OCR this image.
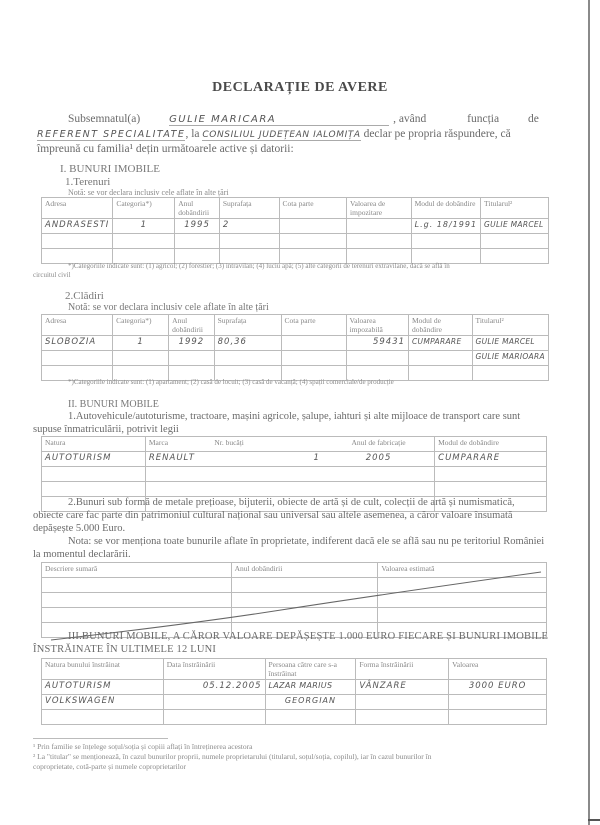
DECLARAȚIE DE AVERE
Subsemnatul(a)	GULIE MARICARA	, având	funcția	de
REFERENT SPECIALITATE, la CONSILIUL JUDEȚEAN IALOMIȚA declar pe propria răspundere, că
împreună cu familia¹ dețin următoarele active și datorii:
I. BUNURI IMOBILE
1.Terenuri
Notă: se vor declara inclusiv cele aflate în alte țări
Adresa	Categoria*)	Anul dobândirii	Suprafața	Cota parte	Valoarea de impozitare	Modul de dobândire	Titularul²
ANDRASESTI	1	1995	2			L.g. 18/1991	GULIE MARCEL

*)Categoriile indicate sunt: (1) agricol; (2) forestier; (3) intravilan; (4) luciu apă; (5) alte categorii de terenuri extravilane, dacă se află în
circuitul civil
2.Clădiri
Notă: se vor declara inclusiv cele aflate în alte țări
Adresa	Categoria*)	Anul dobândirii	Suprafața	Cota parte	Valoarea impozabilă	Modul de dobândire	Titularul²
SLOBOZIA	1	1992	80,36		59431	CUMPARARE	GULIE MARCEL
							GULIE MARIOARA

*)Categoriile indicate sunt: (1) apartament; (2) casă de locuit; (3) casă de vacanță; (4) spații comerciale/de producție
II. BUNURI MOBILE
1.Autovehicule/autoturisme, tractoare, mașini agricole, șalupe, iahturi și alte mijloace de transport care sunt
supuse înmatriculării, potrivit legii
Natura	Marca	Nr. bucăți	Anul de fabricație	Modul de dobândire
AUTOTURISM	RENAULT	1	2005	CUMPARARE

2.Bunuri sub formă de metale prețioase, bijuterii, obiecte de artă și de cult, colecții de artă și numismatică,
obiecte care fac parte din patrimoniul cultural național sau universal sau altele asemenea, a căror valoare însumată
depășește 5.000 Euro.
Nota: se vor menționa toate bunurile aflate în proprietate, indiferent dacă ele se află sau nu pe teritoriul României
la momentul declarării.
Descriere sumară	Anul dobândirii	Valoarea estimată

III.BUNURI MOBILE, A CĂROR VALOARE DEPĂȘEȘTE 1.000 EURO FIECARE ȘI BUNURI IMOBILE
ÎNSTRĂINATE ÎN ULTIMELE 12 LUNI
Natura bunului înstrăinat	Data înstrăinării	Persoana către care s-a înstrăinat	Forma înstrăinării	Valoarea
AUTOTURISM	05.12.2005	LAZAR MARIUS	VÂNZARE	3000 EURO
VOLKSWAGEN		GEORGIAN		

¹ Prin familie se înțelege soțul/soția și copiii aflați în întreținerea acestora
² La "titular" se menționează, în cazul bunurilor proprii, numele proprietarului (titularul, soțul/soția, copilul), iar în cazul bunurilor în
coproprietate, cotă-parte și numele coproprietarilor
